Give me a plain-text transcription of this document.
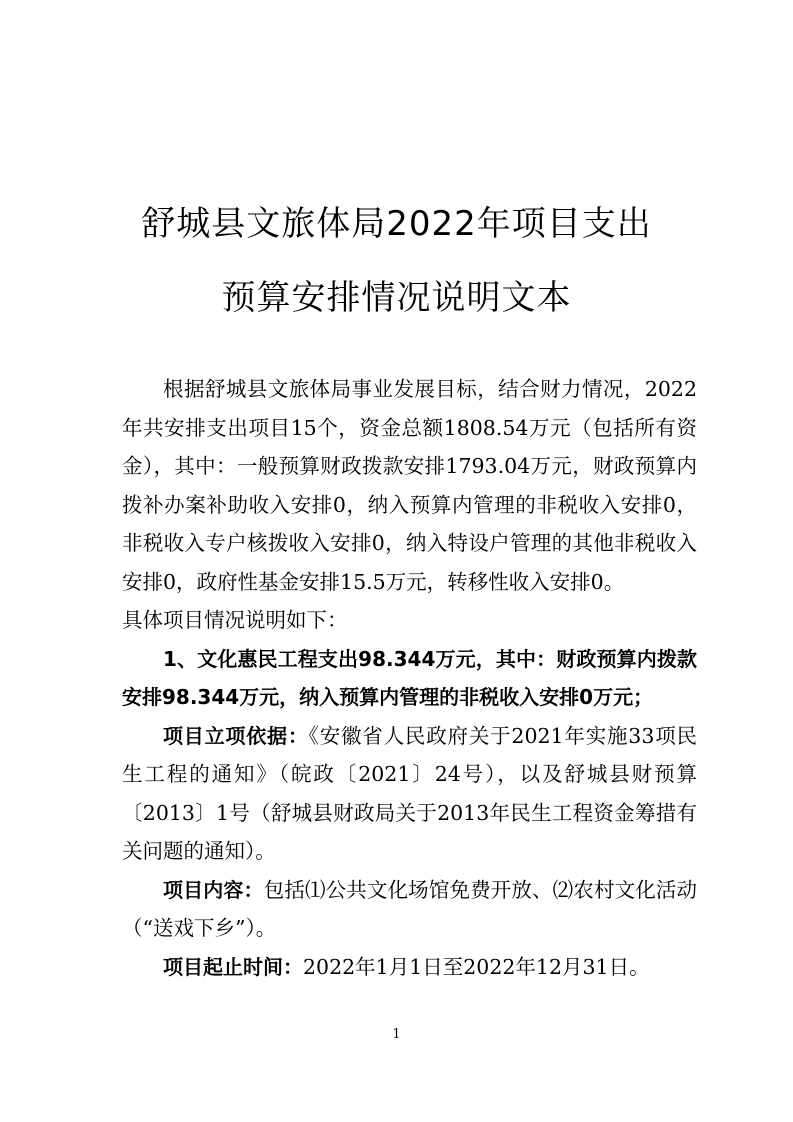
舒城县文旅体局2022年项目支出
预算安排情况说明文本

根据舒城县文旅体局事业发展目标，结合财力情况，2022年共安排支出项目15个，资金总额1808.54万元（包括所有资金），其中：一般预算财政拨款安排1793.04万元，财政预算内拨补办案补助收入安排0，纳入预算内管理的非税收入安排0，非税收入专户核拨收入安排0，纳入特设户管理的其他非税收入安排0，政府性基金安排15.5万元，转移性收入安排0。
具体项目情况说明如下：

1、文化惠民工程支出98.344万元，其中：财政预算内拨款安排98.344万元，纳入预算内管理的非税收入安排0万元；

项目立项依据：《安徽省人民政府关于2021年实施33项民生工程的通知》（皖政〔2021〕24号），以及舒城县财预算〔2013〕1号（舒城县财政局关于2013年民生工程资金筹措有关问题的通知）。

项目内容：包括⑴公共文化场馆免费开放、⑵农村文化活动（“送戏下乡”）。

项目起止时间：2022年1月1日至2022年12月31日。

1
